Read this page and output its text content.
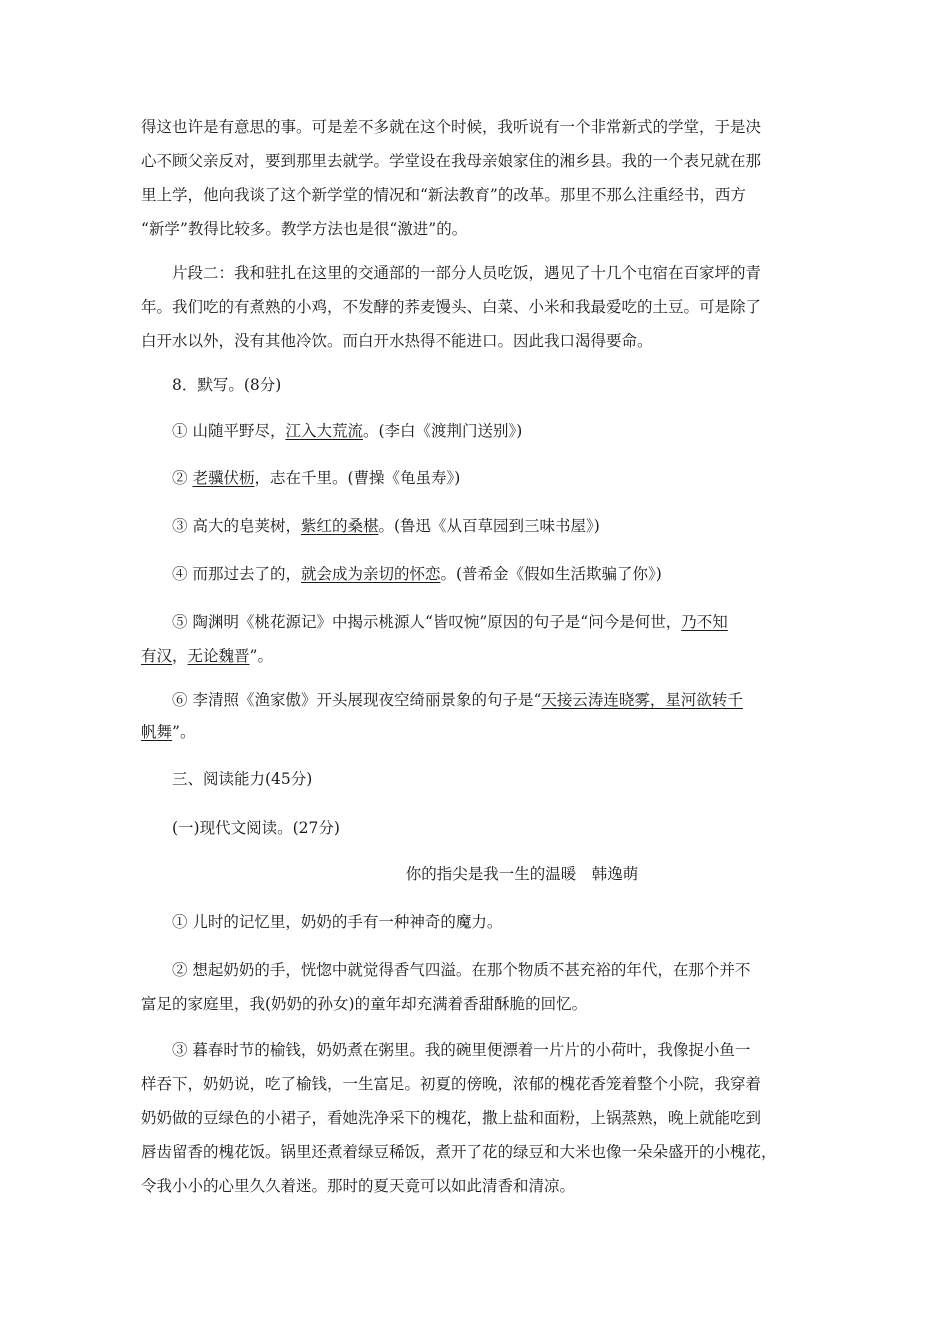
得这也许是有意思的事。可是差不多就在这个时候，我听说有一个非常新式的学堂，于是决
心不顾父亲反对，要到那里去就学。学堂设在我母亲娘家住的湘乡县。我的一个表兄就在那
里上学，他向我谈了这个新学堂的情况和“新法教育”的改革。那里不那么注重经书，西方
“新学”教得比较多。教学方法也是很“激进”的。
片段二：我和驻扎在这里的交通部的一部分人员吃饭，遇见了十几个屯宿在百家坪的青
年。我们吃的有煮熟的小鸡，不发酵的荞麦馒头、白菜、小米和我最爱吃的土豆。可是除了
白开水以外，没有其他冷饮。而白开水热得不能进口。因此我口渴得要命。
8．默写。(8分)
① 山随平野尽，江入大荒流。(李白《渡荆门送别》)
② 老骥伏枥，志在千里。(曹操《龟虽寿》)
③ 高大的皂荚树，紫红的桑椹。(鲁迅《从百草园到三味书屋》)
④ 而那过去了的，就会成为亲切的怀恋。(普希金《假如生活欺骗了你》)
⑤ 陶渊明《桃花源记》中揭示桃源人“皆叹惋”原因的句子是“问今是何世，乃不知
有汉，无论魏晋”。
⑥ 李清照《渔家傲》开头展现夜空绮丽景象的句子是“天接云涛连晓雾，星河欲转千
帆舞”。
三、阅读能力(45分)
(一)现代文阅读。(27分)
你的指尖是我一生的温暖　韩逸萌
① 儿时的记忆里，奶奶的手有一种神奇的魔力。
② 想起奶奶的手，恍惚中就觉得香气四溢。在那个物质不甚充裕的年代，在那个并不
富足的家庭里，我(奶奶的孙女)的童年却充满着香甜酥脆的回忆。
③ 暮春时节的榆钱，奶奶煮在粥里。我的碗里便漂着一片片的小荷叶，我像捉小鱼一
样吞下，奶奶说，吃了榆钱，一生富足。初夏的傍晚，浓郁的槐花香笼着整个小院，我穿着
奶奶做的豆绿色的小裙子，看她洗净采下的槐花，撒上盐和面粉，上锅蒸熟，晚上就能吃到
唇齿留香的槐花饭。锅里还煮着绿豆稀饭，煮开了花的绿豆和大米也像一朵朵盛开的小槐花，
令我小小的心里久久着迷。那时的夏天竟可以如此清香和清凉。
